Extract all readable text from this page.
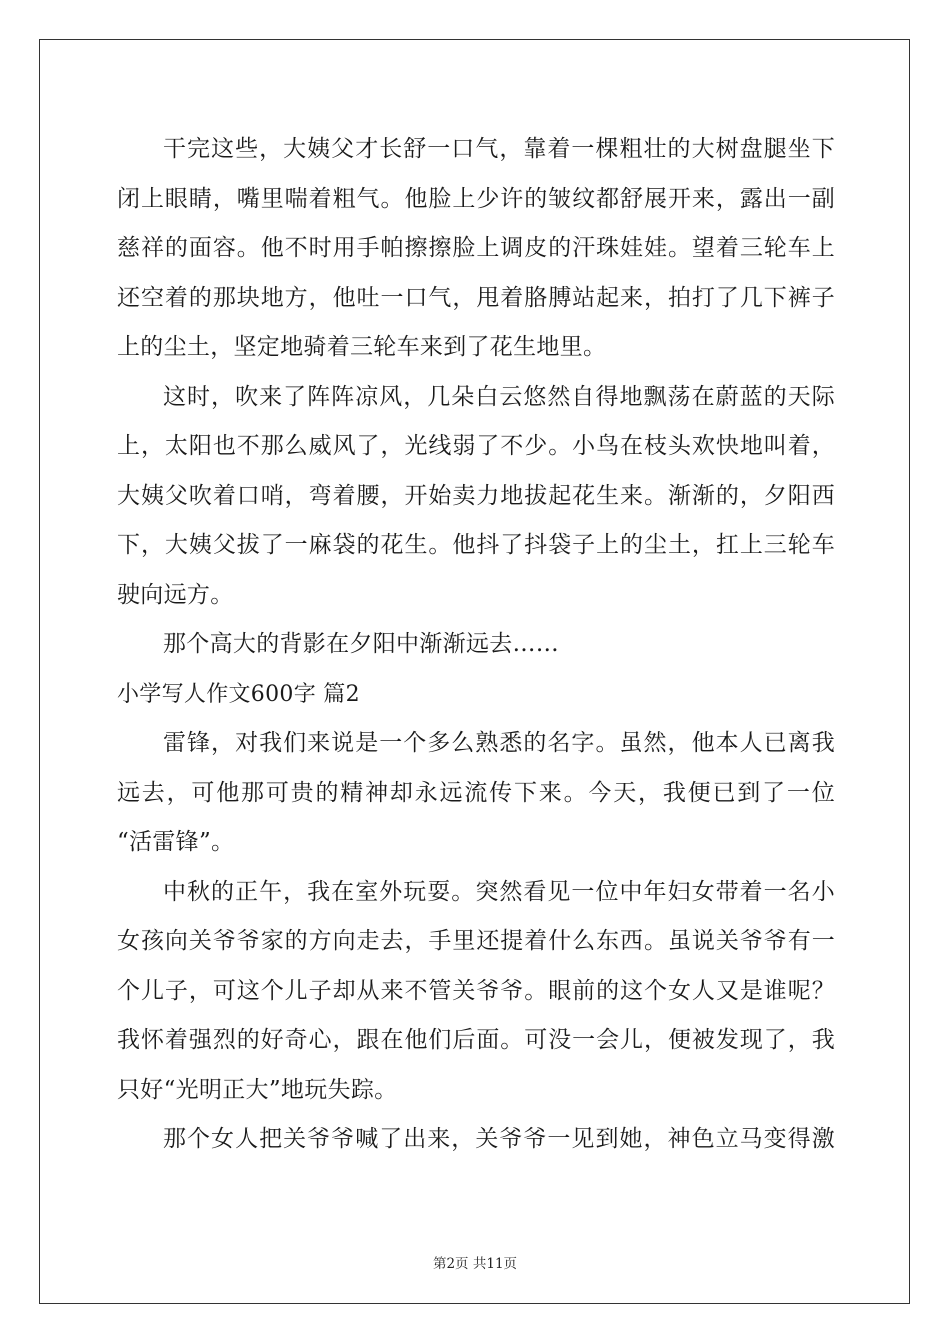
干完这些，大姨父才长舒一口气，靠着一棵粗壮的大树盘腿坐下
闭上眼睛，嘴里喘着粗气。他脸上少许的皱纹都舒展开来，露出一副
慈祥的面容。他不时用手帕擦擦脸上调皮的汗珠娃娃。望着三轮车上
还空着的那块地方，他吐一口气，甩着胳膊站起来，拍打了几下裤子
上的尘土，坚定地骑着三轮车来到了花生地里。
这时，吹来了阵阵凉风，几朵白云悠然自得地飘荡在蔚蓝的天际
上，太阳也不那么威风了，光线弱了不少。小鸟在枝头欢快地叫着，
大姨父吹着口哨，弯着腰，开始卖力地拔起花生来。渐渐的，夕阳西
下，大姨父拔了一麻袋的花生。他抖了抖袋子上的尘土，扛上三轮车
驶向远方。
那个高大的背影在夕阳中渐渐远去……
小学写人作文600字 篇2
雷锋，对我们来说是一个多么熟悉的名字。虽然，他本人已离我
远去，可他那可贵的精神却永远流传下来。今天，我便已到了一位
“活雷锋”。
中秋的正午，我在室外玩耍。突然看见一位中年妇女带着一名小
女孩向关爷爷家的方向走去，手里还提着什么东西。虽说关爷爷有一
个儿子，可这个儿子却从来不管关爷爷。眼前的这个女人又是谁呢？
我怀着强烈的好奇心，跟在他们后面。可没一会儿，便被发现了，我
只好“光明正大”地玩失踪。
那个女人把关爷爷喊了出来，关爷爷一见到她，神色立马变得激
第2页 共11页
